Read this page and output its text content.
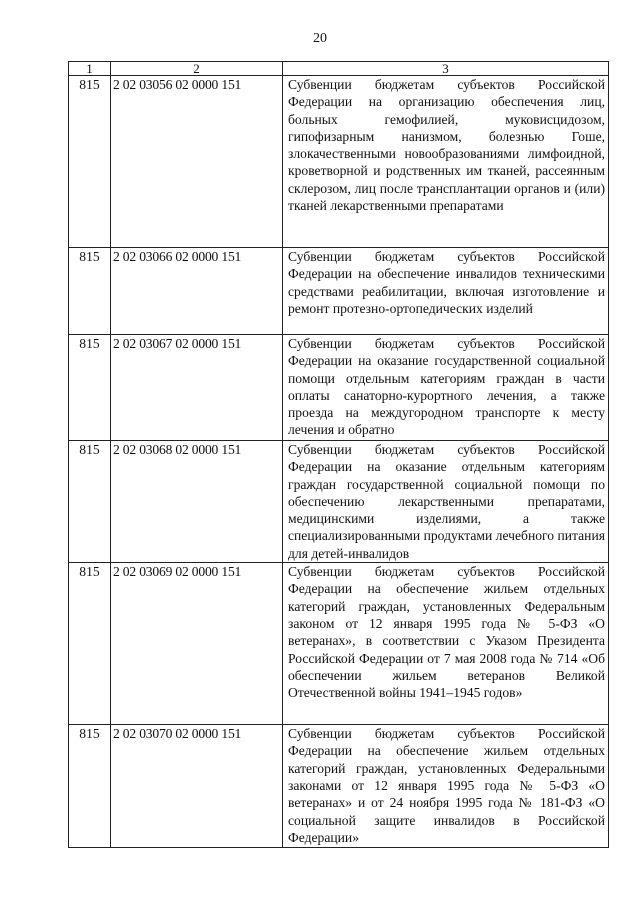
20
1	2	3
815	2 02 03056 02 0000 151	Субвенции бюджетам субъектов Российской Федерации на организацию обеспечения лиц, больных гемофилией, муковисцидозом, гипофизарным нанизмом, болезнью Гоше, злокачественными новообразованиями лимфоидной, кроветворной и родственных им тканей, рассеянным склерозом, лиц после трансплантации органов и (или) тканей лекарственными препаратами
815	2 02 03066 02 0000 151	Субвенции бюджетам субъектов Российской Федерации на обеспечение инвалидов техническими средствами реабилитации, включая изготовление и ремонт протезно-ортопедических изделий
815	2 02 03067 02 0000 151	Субвенции бюджетам субъектов Российской Федерации на оказание государственной социальной помощи отдельным категориям граждан в части оплаты санаторно-курортного лечения, а также проезда на междугородном транспорте к месту лечения и обратно
815	2 02 03068 02 0000 151	Субвенции бюджетам субъектов Российской Федерации на оказание отдельным категориям граждан государственной социальной помощи по обеспечению лекарственными препаратами, медицинскими изделиями, а также специализированными продуктами лечебного питания для детей-инвалидов
815	2 02 03069 02 0000 151	Субвенции бюджетам субъектов Российской Федерации на обеспечение жильем отдельных категорий граждан, установленных Федеральным законом от 12 января 1995 года № 5-ФЗ «О ветеранах», в соответствии с Указом Президента Российской Федерации от 7 мая 2008 года № 714 «Об обеспечении жильем ветеранов Великой Отечественной войны 1941–1945 годов»
815	2 02 03070 02 0000 151	Субвенции бюджетам субъектов Российской Федерации на обеспечение жильем отдельных категорий граждан, установленных Федеральными законами от 12 января 1995 года № 5-ФЗ «О ветеранах» и от 24 ноября 1995 года № 181-ФЗ «О социальной защите инвалидов в Российской Федерации»
